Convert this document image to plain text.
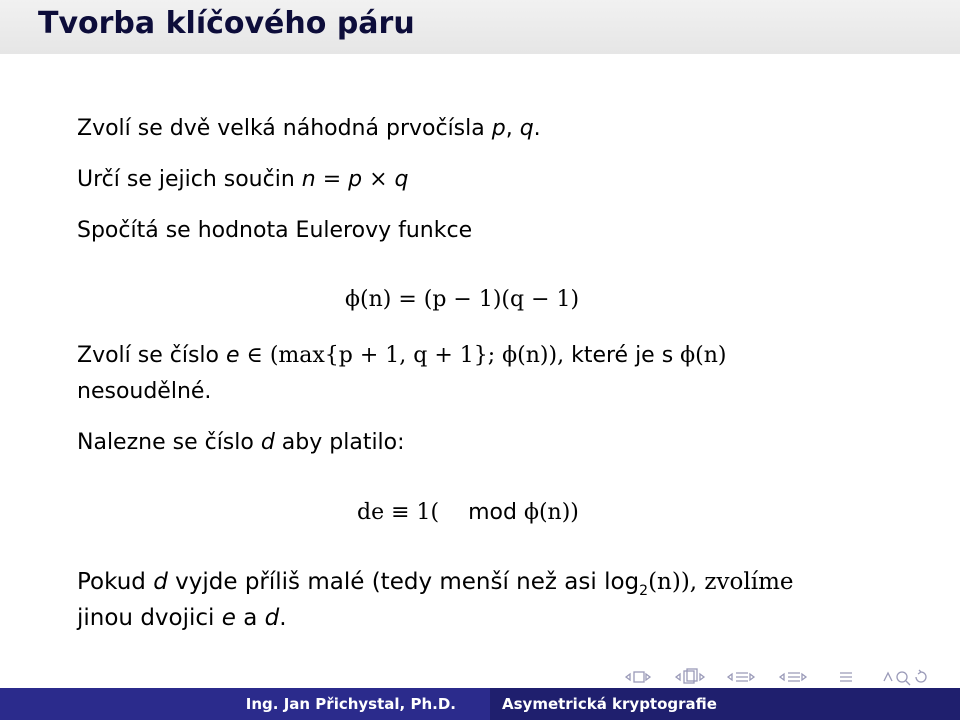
Tvorba klíčového páru
Zvolí se dvě velká náhodná prvočísla p, q.
Určí se jejich součin n = p × q
Spočítá se hodnota Eulerovy funkce
ϕ(n) = (p − 1)(q − 1)
Zvolí se číslo e ∈ (max{p + 1, q + 1}; ϕ(n)), které je s ϕ(n)
nesoudělné.
Nalezne se číslo d aby platilo:
de ≡ 1( mod ϕ(n))
Pokud d vyjde příliš malé (tedy menší než asi $\log_2(n)$), zvolíme
jinou dvojici e a d.
Ing. Jan Přichystal, Ph.D.	Asymetrická kryptografie
